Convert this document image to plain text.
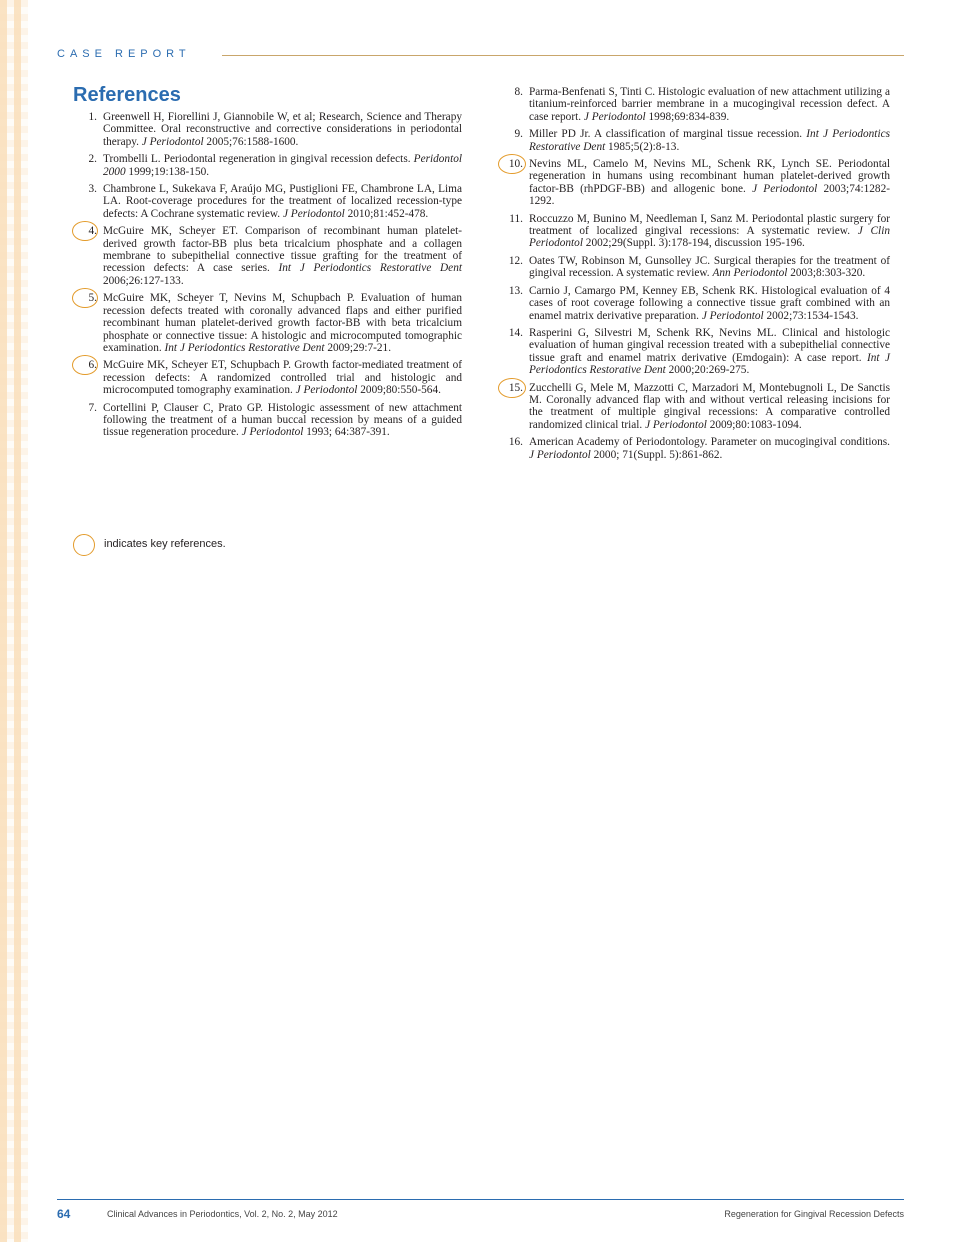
CASE REPORT
References
1. Greenwell H, Fiorellini J, Giannobile W, et al; Research, Science and Therapy Committee. Oral reconstructive and corrective considerations in periodontal therapy. J Periodontol 2005;76:1588-1600.
2. Trombelli L. Periodontal regeneration in gingival recession defects. Peridontol 2000 1999;19:138-150.
3. Chambrone L, Sukekava F, Araújo MG, Pustiglioni FE, Chambrone LA, Lima LA. Root-coverage procedures for the treatment of localized recession-type defects: A Cochrane systematic review. J Periodontol 2010;81:452-478.
4. McGuire MK, Scheyer ET. Comparison of recombinant human platelet-derived growth factor-BB plus beta tricalcium phosphate and a collagen membrane to subepithelial connective tissue grafting for the treatment of recession defects: A case series. Int J Periodontics Restorative Dent 2006;26:127-133.
5. McGuire MK, Scheyer T, Nevins M, Schupbach P. Evaluation of human recession defects treated with coronally advanced flaps and either purified recombinant human platelet-derived growth factor-BB with beta tricalcium phosphate or connective tissue: A histologic and microcomputed tomographic examination. Int J Periodontics Restorative Dent 2009;29:7-21.
6. McGuire MK, Scheyer ET, Schupbach P. Growth factor-mediated treatment of recession defects: A randomized controlled trial and histologic and microcomputed tomography examination. J Periodontol 2009;80:550-564.
7. Cortellini P, Clauser C, Prato GP. Histologic assessment of new attachment following the treatment of a human buccal recession by means of a guided tissue regeneration procedure. J Periodontol 1993; 64:387-391.
8. Parma-Benfenati S, Tinti C. Histologic evaluation of new attachment utilizing a titanium-reinforced barrier membrane in a mucogingival recession defect. A case report. J Periodontol 1998;69:834-839.
9. Miller PD Jr. A classification of marginal tissue recession. Int J Periodontics Restorative Dent 1985;5(2):8-13.
10. Nevins ML, Camelo M, Nevins ML, Schenk RK, Lynch SE. Periodontal regeneration in humans using recombinant human platelet-derived growth factor-BB (rhPDGF-BB) and allogenic bone. J Periodontol 2003;74:1282-1292.
11. Roccuzzo M, Bunino M, Needleman I, Sanz M. Periodontal plastic surgery for treatment of localized gingival recessions: A systematic review. J Clin Periodontol 2002;29(Suppl. 3):178-194, discussion 195-196.
12. Oates TW, Robinson M, Gunsolley JC. Surgical therapies for the treatment of gingival recession. A systematic review. Ann Periodontol 2003;8:303-320.
13. Carnio J, Camargo PM, Kenney EB, Schenk RK. Histological evaluation of 4 cases of root coverage following a connective tissue graft combined with an enamel matrix derivative preparation. J Periodontol 2002;73:1534-1543.
14. Rasperini G, Silvestri M, Schenk RK, Nevins ML. Clinical and histologic evaluation of human gingival recession treated with a subepithelial connective tissue graft and enamel matrix derivative (Emdogain): A case report. Int J Periodontics Restorative Dent 2000;20:269-275.
15. Zucchelli G, Mele M, Mazzotti C, Marzadori M, Montebugnoli L, De Sanctis M. Coronally advanced flap with and without vertical releasing incisions for the treatment of multiple gingival recessions: A comparative controlled randomized clinical trial. J Periodontol 2009;80:1083-1094.
16. American Academy of Periodontology. Parameter on mucogingival conditions. J Periodontol 2000; 71(Suppl. 5):861-862.
indicates key references.
64	Clinical Advances in Periodontics, Vol. 2, No. 2, May 2012	Regeneration for Gingival Recession Defects
